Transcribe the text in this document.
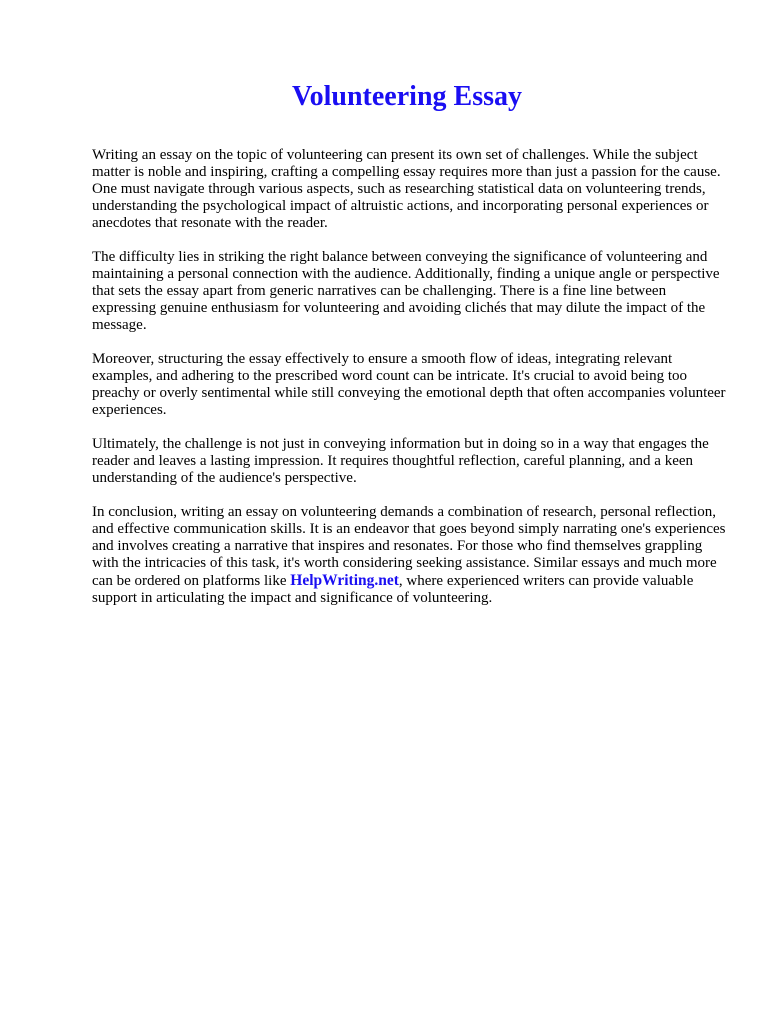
Volunteering Essay

Writing an essay on the topic of volunteering can present its own set of challenges. While the subject matter is noble and inspiring, crafting a compelling essay requires more than just a passion for the cause. One must navigate through various aspects, such as researching statistical data on volunteering trends, understanding the psychological impact of altruistic actions, and incorporating personal experiences or anecdotes that resonate with the reader.

The difficulty lies in striking the right balance between conveying the significance of volunteering and maintaining a personal connection with the audience. Additionally, finding a unique angle or perspective that sets the essay apart from generic narratives can be challenging. There is a fine line between expressing genuine enthusiasm for volunteering and avoiding clichés that may dilute the impact of the message.

Moreover, structuring the essay effectively to ensure a smooth flow of ideas, integrating relevant examples, and adhering to the prescribed word count can be intricate. It's crucial to avoid being too preachy or overly sentimental while still conveying the emotional depth that often accompanies volunteer experiences.

Ultimately, the challenge is not just in conveying information but in doing so in a way that engages the reader and leaves a lasting impression. It requires thoughtful reflection, careful planning, and a keen understanding of the audience's perspective.

In conclusion, writing an essay on volunteering demands a combination of research, personal reflection, and effective communication skills. It is an endeavor that goes beyond simply narrating one's experiences and involves creating a narrative that inspires and resonates. For those who find themselves grappling with the intricacies of this task, it's worth considering seeking assistance. Similar essays and much more can be ordered on platforms like HelpWriting.net, where experienced writers can provide valuable support in articulating the impact and significance of volunteering.
